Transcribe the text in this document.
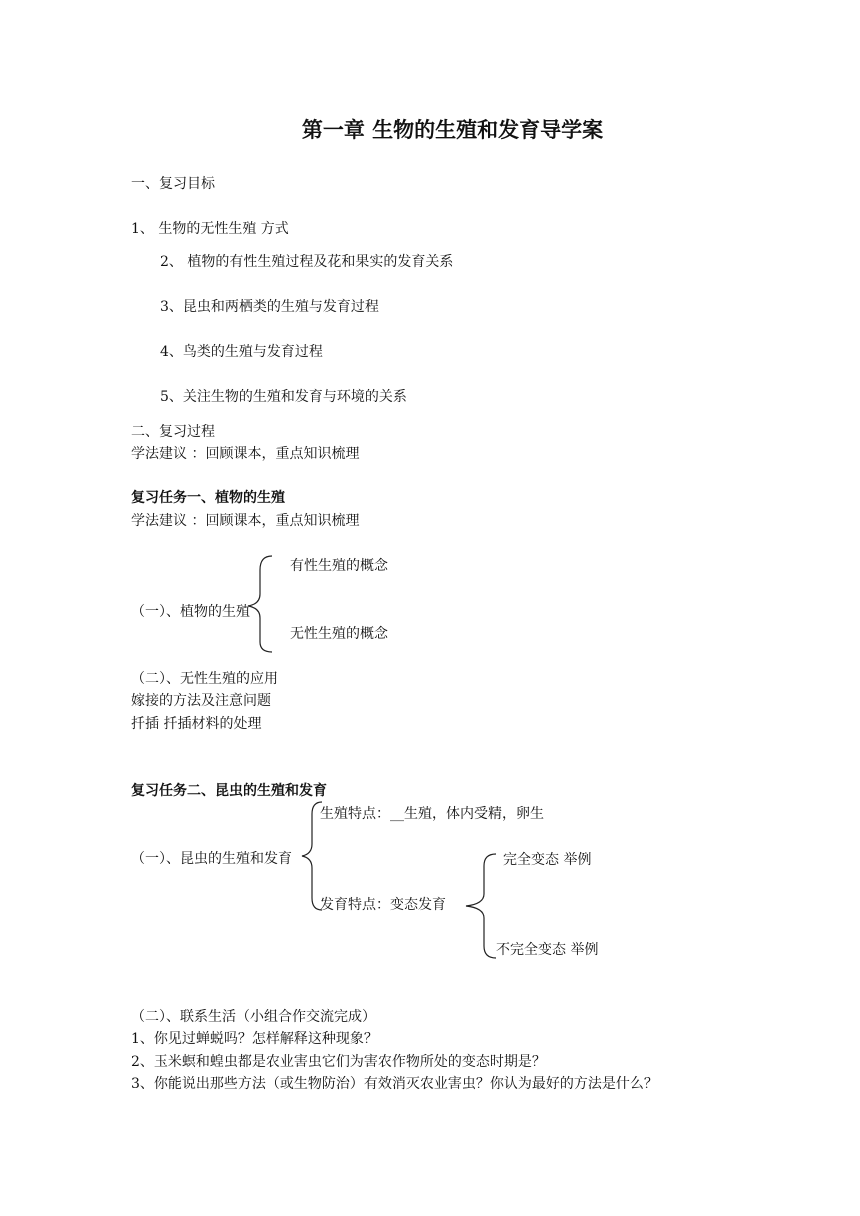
第一章 生物的生殖和发育导学案
一、复习目标
1、 生物的无性生殖 方式
2、 植物的有性生殖过程及花和果实的发育关系
3、昆虫和两栖类的生殖与发育过程
4、鸟类的生殖与发育过程
5、关注生物的生殖和发育与环境的关系
二、复习过程
学法建议 ：回顾课本，重点知识梳理
复习任务一、植物的生殖
学法建议 ：回顾课本，重点知识梳理
有性生殖的概念
（一）、植物的生殖
无性生殖的概念
（二）、无性生殖的应用
嫁接的方法及注意问题
扦插 扦插材料的处理
复习任务二、昆虫的生殖和发育
生殖特点：__生殖，体内受精，卵生
（一）、昆虫的生殖和发育
发育特点：变态发育
完全变态 举例
不完全变态 举例
（二）、联系生活（小组合作交流完成）
1、你见过蝉蜕吗？怎样解释这种现象？
2、玉米螟和蝗虫都是农业害虫它们为害农作物所处的变态时期是？
3、你能说出那些方法（或生物防治）有效消灭农业害虫？你认为最好的方法是什么？
